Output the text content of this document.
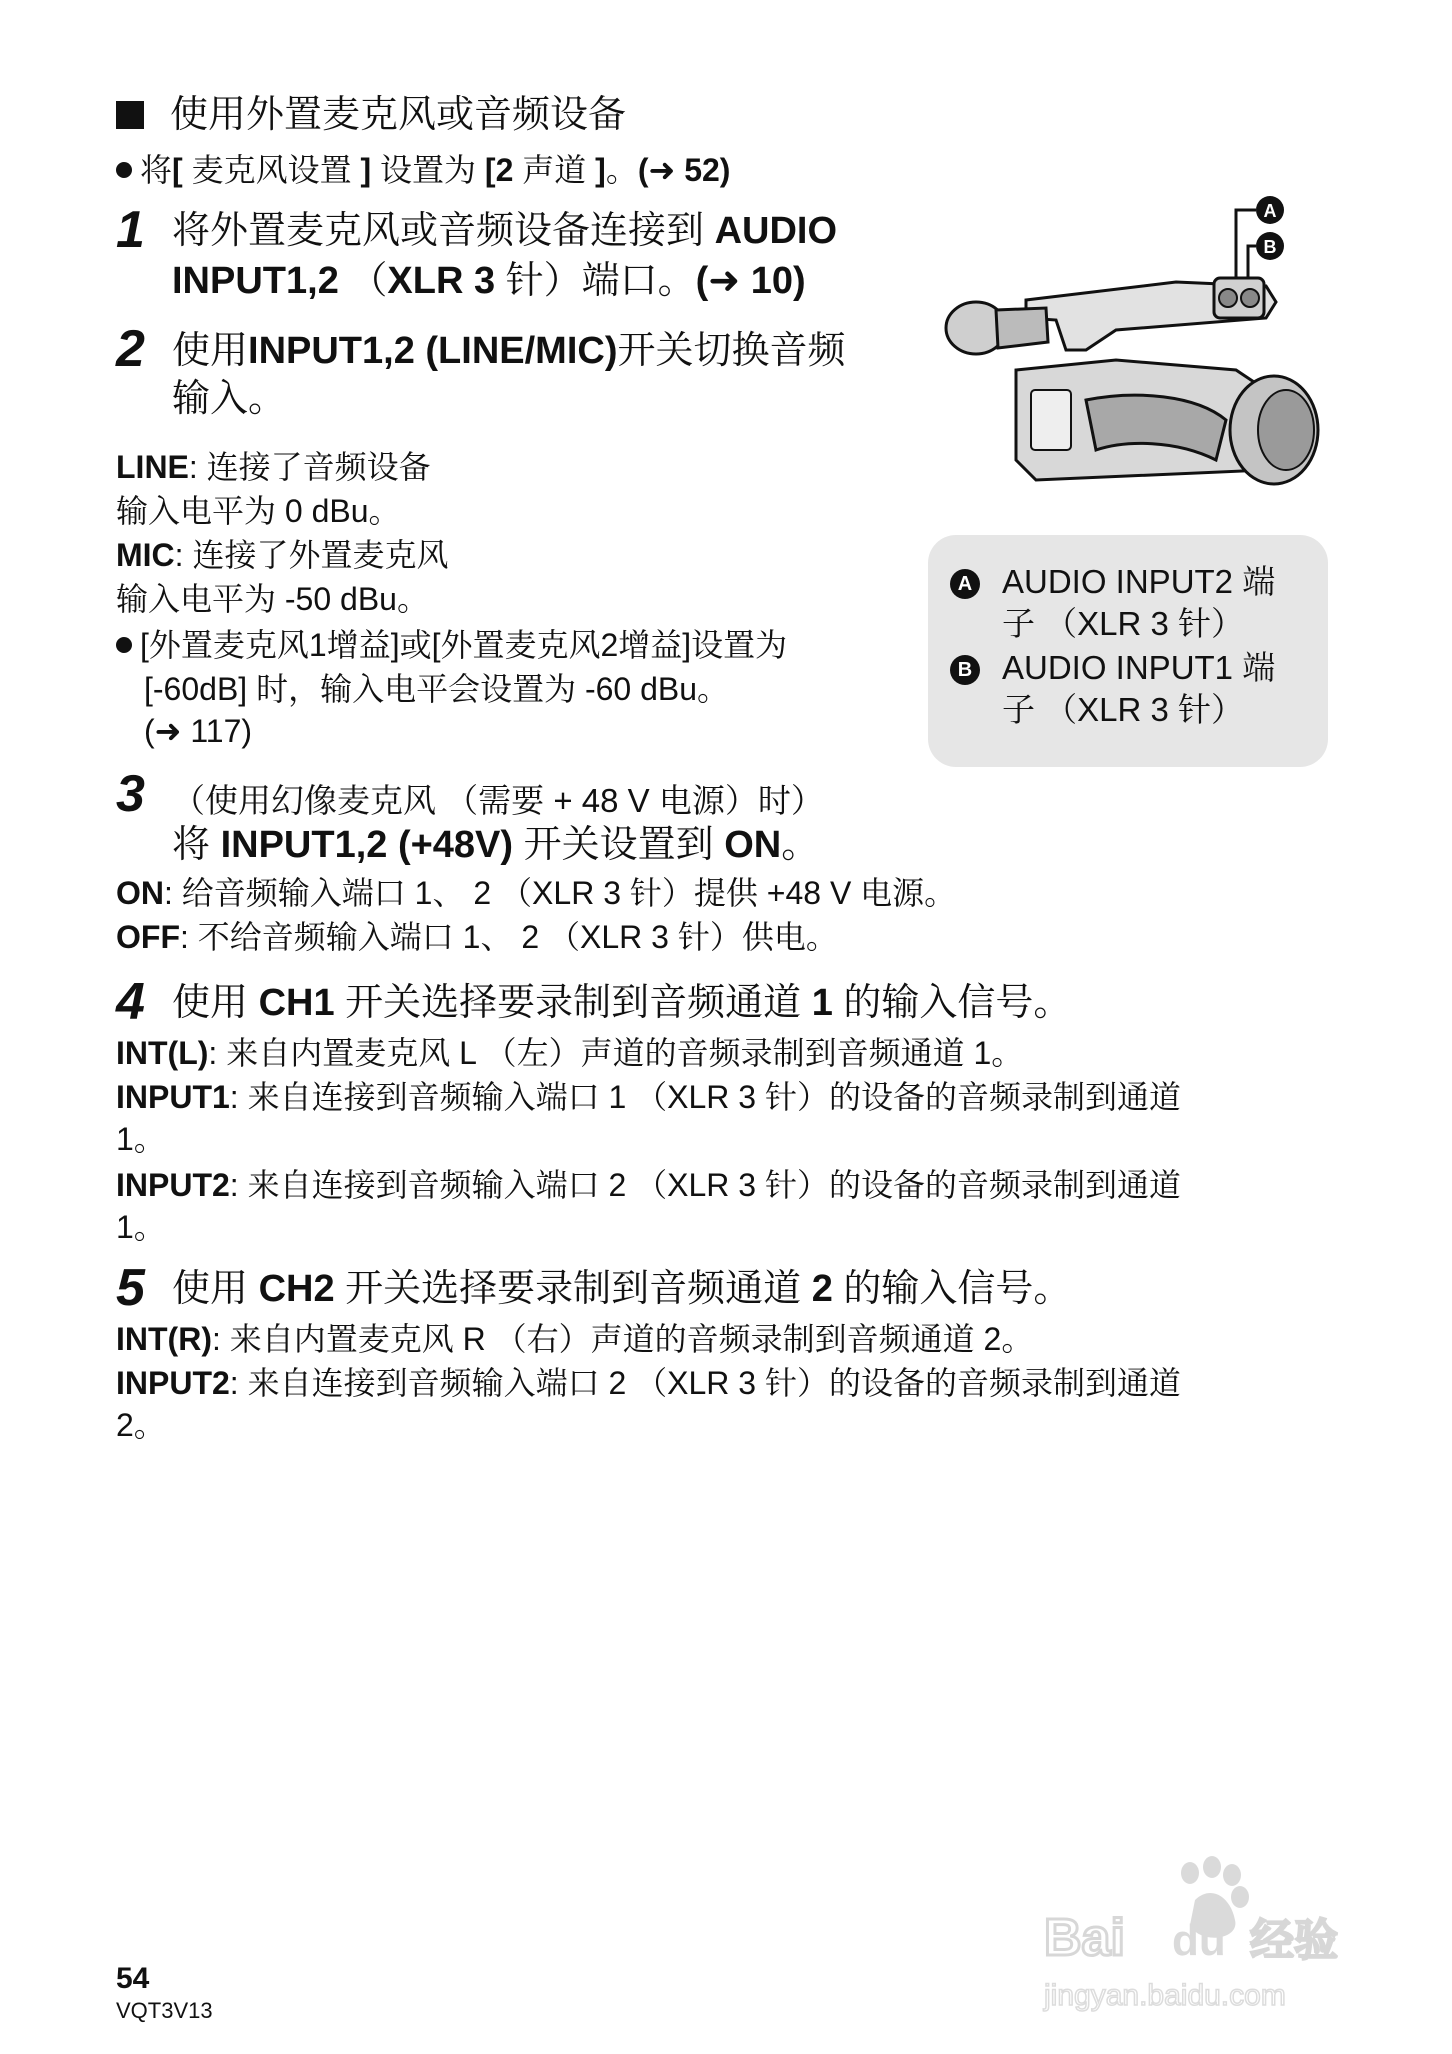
使用外置麦克风或音频设备
将[ 麦克风设置 ] 设置为 [2 声道 ]。(➜ 52)
1 将外置麦克风或音频设备连接到 AUDIO
INPUT1,2 （XLR 3 针）端口。(➜ 10)
2 使用INPUT1,2 (LINE/MIC)开关切换音频
输入。
LINE: 连接了音频设备
输入电平为 0 dBu。
MIC: 连接了外置麦克风
输入电平为 -50 dBu。
[外置麦克风1增益]或[外置麦克风2增益]设置为
[-60dB] 时，输入电平会设置为 -60 dBu。
(➜ 117)
A
B
A AUDIO INPUT2 端
子 （XLR 3 针）
B AUDIO INPUT1 端
子 （XLR 3 针）
3 （使用幻像麦克风 （需要 + 48 V 电源）时）
将 INPUT1,2 (+48V) 开关设置到 ON。
ON: 给音频输入端口 1、 2 （XLR 3 针）提供 +48 V 电源。
OFF: 不给音频输入端口 1、 2 （XLR 3 针）供电。
4 使用 CH1 开关选择要录制到音频通道 1 的输入信号。
INT(L): 来自内置麦克风 L （左）声道的音频录制到音频通道 1。
INPUT1: 来自连接到音频输入端口 1 （XLR 3 针）的设备的音频录制到通道
1。
INPUT2: 来自连接到音频输入端口 2 （XLR 3 针）的设备的音频录制到通道
1。
5 使用 CH2 开关选择要录制到音频通道 2 的输入信号。
INT(R): 来自内置麦克风 R （右）声道的音频录制到音频通道 2。
INPUT2: 来自连接到音频输入端口 2 （XLR 3 针）的设备的音频录制到通道
2。
54
VQT3V13
Bai du 经验
jingyan.baidu.com
